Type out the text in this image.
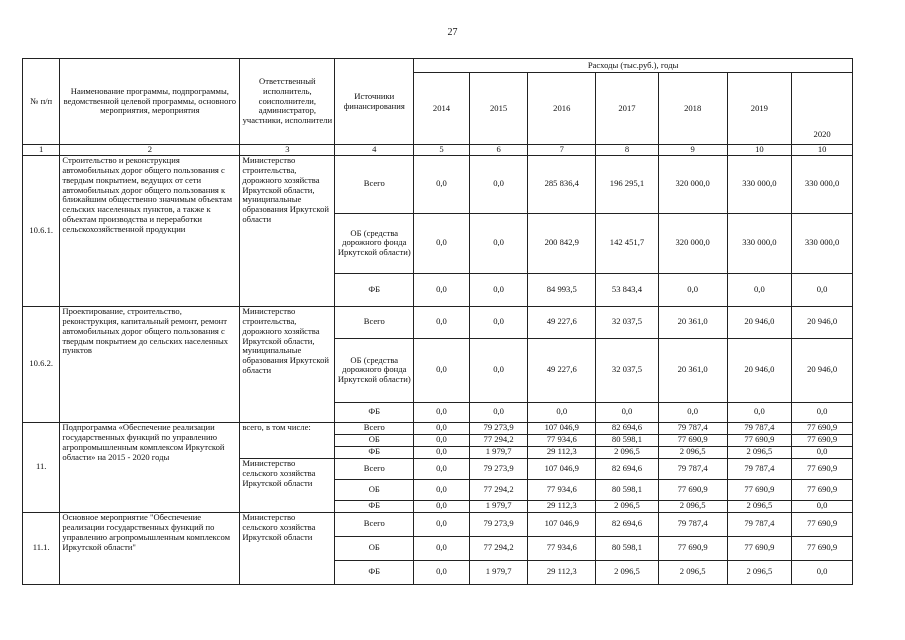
27
№ п/п	Наименование программы, подпрограммы, ведомственной целевой программы, основного мероприятия, мероприятия	Ответственный исполнитель, соисполнители, администратор, участники, исполнители	Источники финансирования	Расходы (тыс.руб.), годы						
				2014	2015	2016	2017	2018	2019	2020
1	2	3	4	5	6	7	8	9	10	10
10.6.1.	Строительство и реконструкция автомобильных дорог общего пользования с твердым покрытием, ведущих от сети автомобильных дорог общего пользования к ближайшим общественно значимым объектам сельских населенных пунктов, а также к объектам производства и переработки сельскохозяйственной продукции	Министерство строительства, дорожного хозяйства Иркутской области, муниципальные образования Иркутской области	Всего	0,0	0,0	285 836,4	196 295,1	320 000,0	330 000,0	330 000,0
			ОБ (средства дорожного фонда Иркутской области)	0,0	0,0	200 842,9	142 451,7	320 000,0	330 000,0	330 000,0
			ФБ	0,0	0,0	84 993,5	53 843,4	0,0	0,0	0,0
10.6.2.	Проектирование, строительство, реконструкция, капитальный ремонт, ремонт автомобильных дорог общего пользования с твердым покрытием до сельских населенных пунктов	Министерство строительства, дорожного хозяйства Иркутской области, муниципальные образования Иркутской области	Всего	0,0	0,0	49 227,6	32 037,5	20 361,0	20 946,0	20 946,0
			ОБ (средства дорожного фонда Иркутской области)	0,0	0,0	49 227,6	32 037,5	20 361,0	20 946,0	20 946,0
			ФБ	0,0	0,0	0,0	0,0	0,0	0,0	0,0
11.	Подпрограмма «Обеспечение реализации государственных функций по управлению агропромышленным комплексом Иркутской области» на 2015 - 2020 годы	всего, в том числе:	Всего	0,0	79 273,9	107 046,9	82 694,6	79 787,4	79 787,4	77 690,9
			ОБ	0,0	77 294,2	77 934,6	80 598,1	77 690,9	77 690,9	77 690,9
			ФБ	0,0	1 979,7	29 112,3	2 096,5	2 096,5	2 096,5	0,0
		Министерство сельского хозяйства Иркутской области	Всего	0,0	79 273,9	107 046,9	82 694,6	79 787,4	79 787,4	77 690,9
			ОБ	0,0	77 294,2	77 934,6	80 598,1	77 690,9	77 690,9	77 690,9
			ФБ	0,0	1 979,7	29 112,3	2 096,5	2 096,5	2 096,5	0,0
11.1.	Основное мероприятие "Обеспечение реализации государственных функций по управлению агропромышленным комплексом Иркутской области"	Министерство сельского хозяйства Иркутской области	Всего	0,0	79 273,9	107 046,9	82 694,6	79 787,4	79 787,4	77 690,9
			ОБ	0,0	77 294,2	77 934,6	80 598,1	77 690,9	77 690,9	77 690,9
			ФБ	0,0	1 979,7	29 112,3	2 096,5	2 096,5	2 096,5	0,0
